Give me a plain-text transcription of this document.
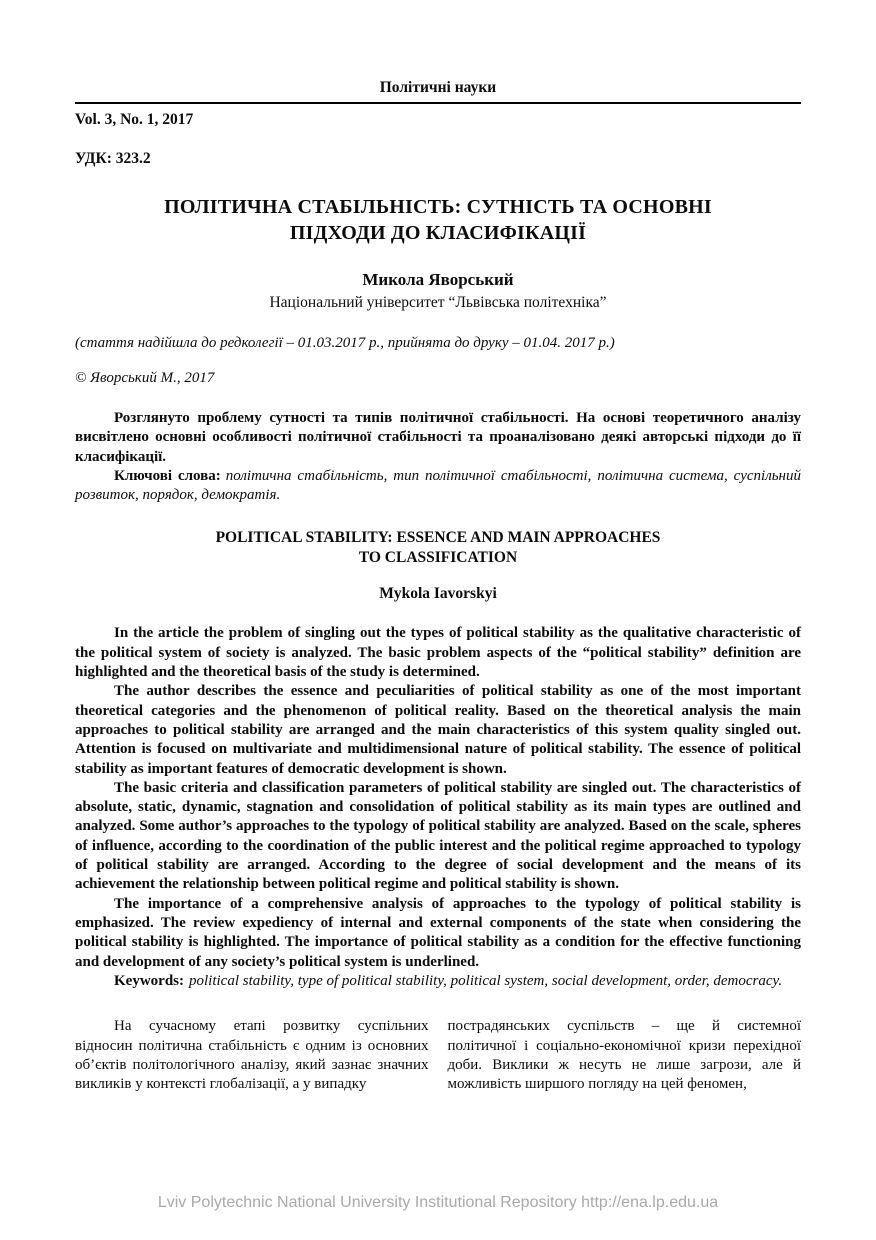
Політичні науки
Vol. 3, No. 1, 2017
УДК: 323.2
ПОЛІТИЧНА СТАБІЛЬНІСТЬ: СУТНІСТЬ ТА ОСНОВНІ
ПІДХОДИ ДО КЛАСИФІКАЦІЇ
Микола Яворський
Національний університет “Львівська політехніка”
(стаття надійшла до редколегії – 01.03.2017 р., прийнята до друку – 01.04. 2017 р.)
© Яворський М., 2017

Розглянуто проблему сутності та типів політичної стабільності. На основі теоретичного аналізу висвітлено основні особливості політичної стабільності та проаналізовано деякі авторські підходи до її класифікації.

Ключові слова: політична стабільність, тип політичної стабільності, політична система, суспільний розвиток, порядок, демократія.

POLITICAL STABILITY: ESSENCE AND MAIN APPROACHES
TO CLASSIFICATION
Mykola Iavorskyi

In the article the problem of singling out the types of political stability as the qualitative characteristic of the political system of society is analyzed. The basic problem aspects of the “political stability” definition are highlighted and the theoretical basis of the study is determined.

The author describes the essence and peculiarities of political stability as one of the most important theoretical categories and the phenomenon of political reality. Based on the theoretical analysis the main approaches to political stability are arranged and the main characteristics of this system quality singled out. Attention is focused on multivariate and multidimensional nature of political stability. The essence of political stability as important features of democratic development is shown.

The basic criteria and classification parameters of political stability are singled out. The characteristics of absolute, static, dynamic, stagnation and consolidation of political stability as its main types are outlined and analyzed. Some author’s approaches to the typology of political stability are analyzed. Based on the scale, spheres of influence, according to the coordination of the public interest and the political regime approached to typology of political stability are arranged. According to the degree of social development and the means of its achievement the relationship between political regime and political stability is shown.

The importance of a comprehensive analysis of approaches to the typology of political stability is emphasized. The review expediency of internal and external components of the state when considering the political stability is highlighted. The importance of political stability as a condition for the effective functioning and development of any society’s political system is underlined.

Keywords: political stability, type of political stability, political system, social development, order, democracy.

На сучасному етапі розвитку суспільних відносин політична стабільність є одним із основних об’єктів політологічного аналізу, який зазнає значних викликів у контексті глобалізації, а у випадку

пострадянських суспільств – ще й системної політичної і соціально-економічної кризи перехідної доби. Виклики ж несуть не лише загрози, але й можливість ширшого погляду на цей феномен,

Lviv Polytechnic National University Institutional Repository http://ena.lp.edu.ua
